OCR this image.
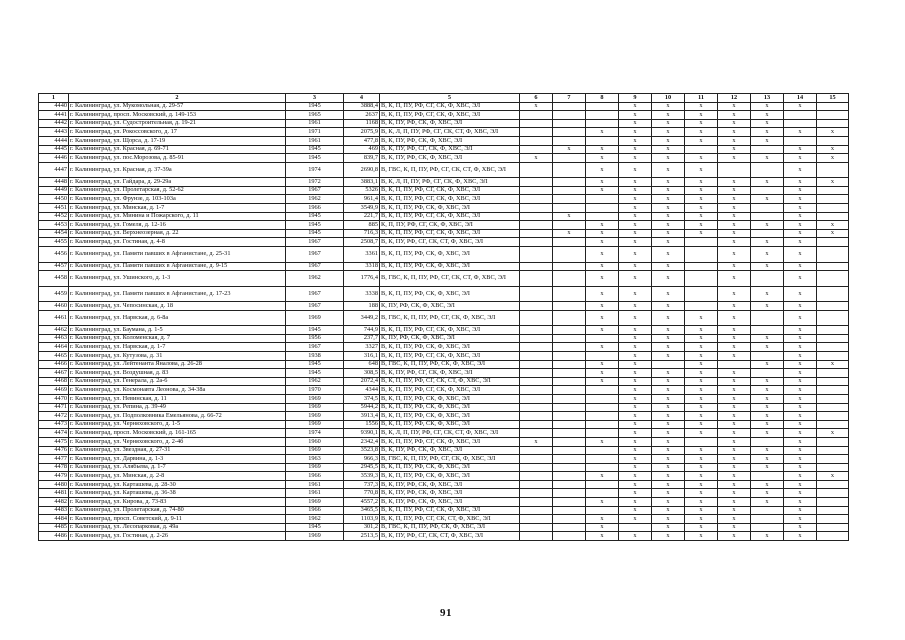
1	2	3	4	5	6	7	8	9	10	11	12	13	14	15
4440	г. Калининград, ул. Мукомольная, д. 29-57	1945	3888,4	В, К, П, ПУ, РФ, СГ, СК, Ф, ХВС, ЭЛ	x			x	x	x	x	x	x	
4441	г. Калининград, просп. Московский, д. 149-153	1965	2637	В, К, П, ПУ, РФ, СГ, СК, Ф, ХВС, ЭЛ				x	x	x	x	x		
4442	г. Калининград, ул. Судостроительная, д. 19-21	1961	1168	В, К, ПУ, РФ, СК, Ф, ХВС, ЭЛ				x	x	x	x	x		
4443	г. Калининград, ул. Рокоссовского, д. 17	1971	2075,9	В, К, Л, П, ПУ, РФ, СГ, СК, СТ, Ф, ХВС, ЭЛ			x	x	x	x	x	x	x	x
4444	г. Калининград, ул. Щорса, д. 17-19	1961	477,8	В, К, ПУ, РФ, СК, Ф, ХВС, ЭЛ				x	x	x	x	x		
4445	г. Калининград, ул. Красная, д. 69-71	1945	469	В, К, ПУ, РФ, СГ, СК, Ф, ХВС, ЭЛ		x	x	x	x		x		x	x
4446	г. Калининград, ул. пос.Морозова, д. 85-91	1945	839,7	В, К, ПУ, РФ, СК, Ф, ХВС, ЭЛ	x		x	x	x	x	x	x	x	x
4447	г. Калининград, ул. Красная, д. 37-39а	1974	2690,8	В, ГВС, К, П, ПУ, РФ, СГ, СК, СТ, Ф, ХВС, ЭЛ			x	x	x	x			x	
4448	г. Калининград, ул. Гайдара, д. 29-29а	1972	3883,1	В, К, Л, П, ПУ, РФ, СГ, СК, Ф, ХВС, ЭЛ			x	x	x	x	x	x	x	x
4449	г. Калининград, ул. Пролетарская, д. 52-62	1967	5326	В, К, П, ПУ, РФ, СГ, СК, Ф, ХВС, ЭЛ			x	x	x	x	x		x	
4450	г. Калининград, ул. Фрунзе, д. 103-103а	1962	961,4	В, К, П, ПУ, РФ, СГ, СК, Ф, ХВС, ЭЛ				x	x	x	x	x	x	
4451	г. Калининград, ул. Минская, д. 1-7	1966	3549,9	В, К, П, ПУ, РФ, СК, Ф, ХВС, ЭЛ				x	x	x	x		x	
4452	г. Калининград, ул. Минина и Пожарского, д. 11	1945	221,7	В, К, П, ПУ, РФ, СГ, СК, Ф, ХВС, ЭЛ		x		x	x	x	x		x	
4453	г. Калининград, ул. Гомеля, д. 12-16	1945	885	К, П, ПУ, РФ, СГ, СК, Ф, ХВС, ЭЛ			x	x	x	x	x	x	x	x
4454	г. Калининград, ул. Верхнеозерная, д. 22	1945	716,3	В, К, П, ПУ, РФ, СГ, СК, Ф, ХВС, ЭЛ		x	x	x	x	x	x		x	x
4455	г. Калининград, ул. Гостиная, д. 4-8	1967	2508,7	В, К, ПУ, РФ, СГ, СК, СТ, Ф, ХВС, ЭЛ			x	x	x		x	x	x	
4456	г. Калининград, ул. Памяти павших в Афганистане, д. 25-31	1967	3361	В, К, П, ПУ, РФ, СК, Ф, ХВС, ЭЛ			x	x	x		x	x	x	
4457	г. Калининград, ул. Памяти павших в Афганистане, д. 9-15	1967	3318	В, К, П, ПУ, РФ, СК, Ф, ХВС, ЭЛ			x	x	x		x	x	x	
4458	г. Калининград, ул. Ушинского, д. 1-3	1962	1776,4	В, ГВС, К, П, ПУ, РФ, СГ, СК, СТ, Ф, ХВС, ЭЛ			x	x	x		x		x	
4459	г. Калининград, ул. Памяти павших в Афганистане, д. 17-23	1967	3338	В, К, П, ПУ, РФ, СК, Ф, ХВС, ЭЛ			x	x	x		x	x	x	
4460	г. Калининград, ул. Чепосинская, д. 18	1967	188	К, ПУ, РФ, СК, Ф, ХВС, ЭЛ			x	x	x		x	x	x	
4461	г. Калининград, ул. Нарвская, д. 6-8а	1969	3449,2	В, ГВС, К, П, ПУ, РФ, СГ, СК, Ф, ХВС, ЭЛ			x	x	x	x	x		x	
4462	г. Калининград, ул. Баумана, д. 1-5	1945	744,9	В, К, П, ПУ, РФ, СГ, СК, Ф, ХВС, ЭЛ			x	x	x	x	x		x	
4463	г. Калининград, ул. Коломенская, д. 7	1956	237,7	К, ПУ, РФ, СК, Ф, ХВС, ЭЛ				x	x	x	x	x	x	
4464	г. Калининград, ул. Нарвская, д. 1-7	1967	3327	В, К, П, ПУ, РФ, СК, Ф, ХВС, ЭЛ			x	x	x	x	x	x	x	
4465	г. Калининград, ул. Кутузова, д. 31	1938	316,1	В, К, П, ПУ, РФ, СГ, СК, Ф, ХВС, ЭЛ				x	x	x	x		x	
4466	г. Калининград, ул. Лейтенанта Яналова, д. 26-28	1945	648	В, ГВС, К, П, ПУ, РФ, СК, Ф, ХВС, ЭЛ			x	x		x		x	x	x
4467	г. Калининград, ул. Воздушная, д. 83	1945	308,5	В, К, ПУ, РФ, СГ, СК, Ф, ХВС, ЭЛ			x	x	x	x	x		x	
4468	г. Калининград, ул. Генерала, д. 2а-6	1962	2072,4	В, К, П, ПУ, РФ, СГ, СК, СТ, Ф, ХВС, ЭЛ			x	x	x	x	x	x	x	
4469	г. Калининград, ул. Космонавта Леонова, д. 34-38а	1970	4344	В, К, П, ПУ, РФ, СГ, СК, Ф, ХВС, ЭЛ				x	x	x	x	x	x	
4470	г. Калининград, ул. Невинская, д. 11	1969	374,5	В, К, П, ПУ, РФ, СК, Ф, ХВС, ЭЛ				x	x	x	x	x	x	
4471	г. Калининград, ул. Репина, д. 39-49	1969	5944,2	В, К, П, ПУ, РФ, СК, Ф, ХВС, ЭЛ				x	x	x	x	x	x	
4472	г. Калининград, ул. Подполковника Емельянова, д. 66-72	1969	3913,4	В, К, П, ПУ, РФ, СК, Ф, ХВС, ЭЛ				x	x	x	x	x	x	
4473	г. Калининград, ул. Черняховского, д. 1-5	1969	1556	В, К, П, ПУ, РФ, СК, Ф, ХВС, ЭЛ				x	x	x	x	x	x	
4474	г. Калининград, просп. Московский, д. 161-165	1974	9390,1	В, К, Л, П, ПУ, РФ, СГ, СК, СТ, Ф, ХВС, ЭЛ				x	x	x	x	x	x	x
4475	г. Калининград, ул. Черняховского, д. 2-4б	1960	2342,4	В, К, П, ПУ, РФ, СГ, СК, Ф, ХВС, ЭЛ	x		x	x	x		x		x	
4476	г. Калининград, ул. Звездная, д. 27-31	1969	3523,8	В, К, ПУ, РФ, СК, Ф, ХВС, ЭЛ				x	x	x	x	x	x	
4477	г. Калининград, ул. Дарвина, д. 1-3	1963	966,3	В, ГВС, К, П, ПУ, РФ, СГ, СК, Ф, ХВС, ЭЛ				x	x	x	x	x	x	
4478	г. Калининград, ул. Алябьева, д. 1-7	1969	2945,5	В, К, П, ПУ, РФ, СК, Ф, ХВС, ЭЛ				x	x	x	x	x	x	
4479	г. Калининград, ул. Минская, д. 2-8	1966	3539,3	В, К, П, ПУ, РФ, СК, Ф, ХВС, ЭЛ			x	x	x	x	x		x	x
4480	г. Калининград, ул. Карташева, д. 28-30	1961	737,3	В, К, ПУ, РФ, СК, Ф, ХВС, ЭЛ				x	x	x	x	x	x	
4481	г. Калининград, ул. Карташева, д. 36-38	1961	770,8	В, К, ПУ, РФ, СК, Ф, ХВС, ЭЛ				x	x	x	x	x	x	
4482	г. Калининград, ул. Кирова, д. 73-83	1969	4557,2	В, К, ПУ, РФ, СК, Ф, ХВС, ЭЛ			x	x	x	x	x	x	x	
4483	г. Калининград, ул. Пролетарская, д. 74-80	1966	3465,5	В, К, П, ПУ, РФ, СГ, СК, Ф, ХВС, ЭЛ				x	x	x	x		x	
4484	г. Калининград, просп. Советский, д. 9-11	1962	1103,9	В, К, П, ПУ, РФ, СГ, СК, СТ, Ф, ХВС, ЭЛ			x	x	x	x	x		x	
4485	г. Калининград, ул. Лесопарковая, д. 49а	1945	301,2	В, ГВС, К, П, ПУ, РФ, СК, Ф, ХВС, ЭЛ			x		x	x	x		x	
4486	г. Калининград, ул. Гостиная, д. 2-26	1969	2513,5	В, К, ПУ, РФ, СГ, СК, СТ, Ф, ХВС, ЭЛ			x	x	x	x	x	x	x	
91
